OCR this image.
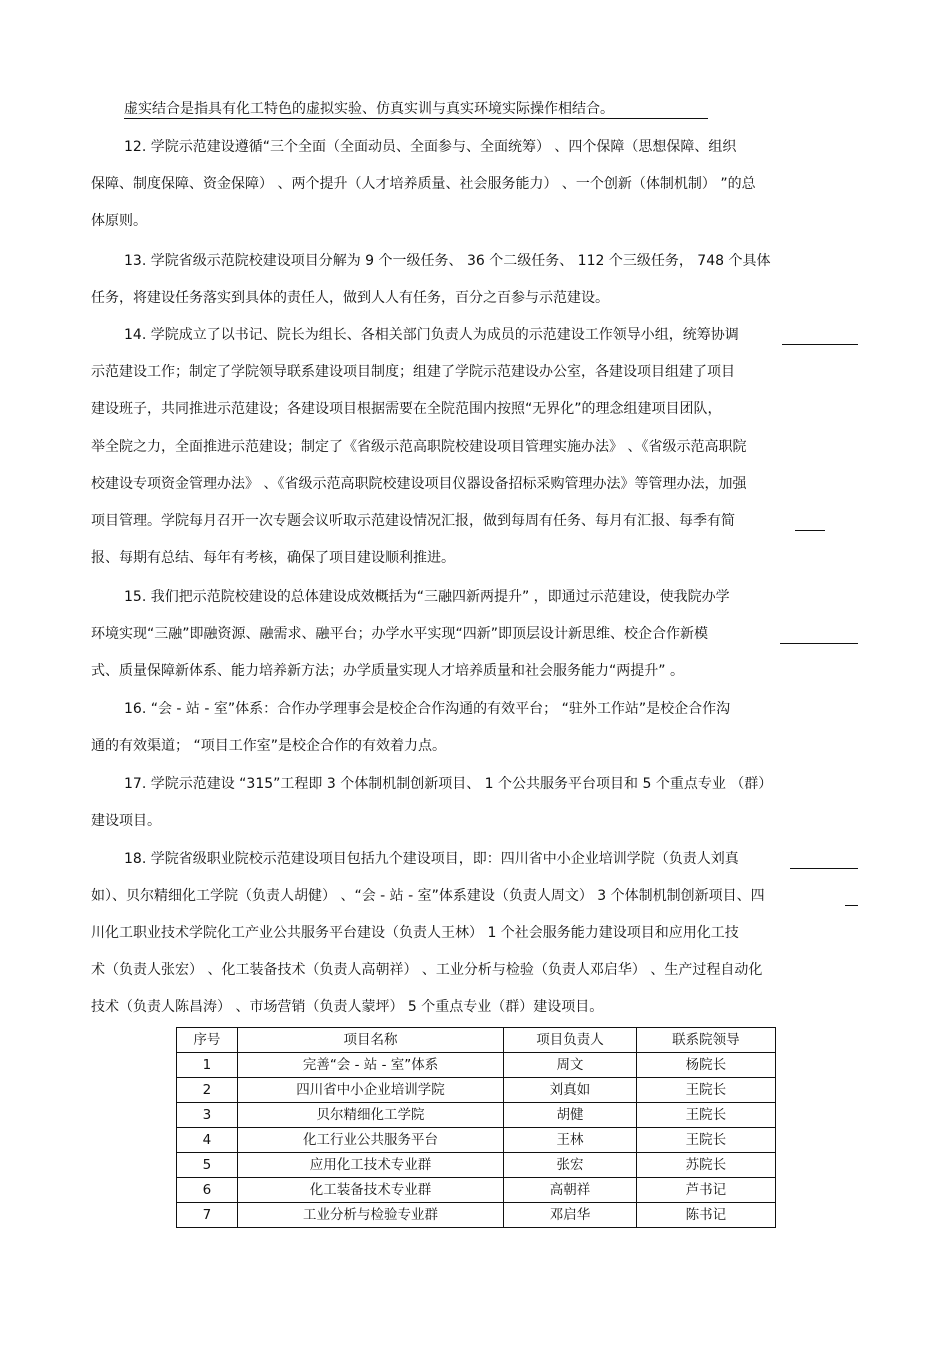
虚实结合是指具有化工特色的虚拟实验、仿真实训与真实环境实际操作相结合。
12. 学院示范建设遵循“三个全面（全面动员、全面参与、全面统筹） 、四个保障（思想保障、组织
保障、制度保障、资金保障） 、两个提升（人才培养质量、社会服务能力） 、一个创新（体制机制） ”的总
体原则。
13. 学院省级示范院校建设项目分解为 9 个一级任务、 36 个二级任务、 112 个三级任务， 748 个具体
任务，将建设任务落实到具体的责任人，做到人人有任务，百分之百参与示范建设。
14. 学院成立了以书记、院长为组长、各相关部门负责人为成员的示范建设工作领导小组，统筹协调
示范建设工作；制定了学院领导联系建设项目制度；组建了学院示范建设办公室，各建设项目组建了项目
建设班子，共同推进示范建设；各建设项目根据需要在全院范围内按照“无界化”的理念组建项目团队，
举全院之力，全面推进示范建设；制定了《省级示范高职院校建设项目管理实施办法》 、《省级示范高职院
校建设专项资金管理办法》 、《省级示范高职院校建设项目仪器设备招标采购管理办法》等管理办法，加强
项目管理。学院每月召开一次专题会议听取示范建设情况汇报，做到每周有任务、每月有汇报、每季有简
报、每期有总结、每年有考核，确保了项目建设顺利推进。
15. 我们把示范院校建设的总体建设成效概括为“三融四新两提升” ，即通过示范建设，使我院办学
环境实现“三融”即融资源、融需求、融平台；办学水平实现“四新”即顶层设计新思维、校企合作新模
式、质量保障新体系、能力培养新方法；办学质量实现人才培养质量和社会服务能力“两提升” 。
16. “会 - 站 - 室”体系：合作办学理事会是校企合作沟通的有效平台； “驻外工作站”是校企合作沟
通的有效渠道； “项目工作室”是校企合作的有效着力点。
17. 学院示范建设 “315”工程即 3 个体制机制创新项目、 1 个公共服务平台项目和 5 个重点专业 （群）
建设项目。
18. 学院省级职业院校示范建设项目包括九个建设项目，即：四川省中小企业培训学院（负责人刘真
如）、贝尔精细化工学院（负责人胡健） 、“会 - 站 - 室”体系建设（负责人周文） 3 个体制机制创新项目、四
川化工职业技术学院化工产业公共服务平台建设（负责人王林） 1 个社会服务能力建设项目和应用化工技
术（负责人张宏） 、化工装备技术（负责人高朝祥） 、工业分析与检验（负责人邓启华） 、生产过程自动化
技术（负责人陈昌涛） 、市场营销（负责人蒙坪） 5 个重点专业（群）建设项目。
序号	项目名称	项目负责人	联系院领导
1	完善“会 - 站 - 室”体系	周文	杨院长
2	四川省中小企业培训学院	刘真如	王院长
3	贝尔精细化工学院	胡健	王院长
4	化工行业公共服务平台	王林	王院长
5	应用化工技术专业群	张宏	苏院长
6	化工装备技术专业群	高朝祥	芦书记
7	工业分析与检验专业群	邓启华	陈书记
